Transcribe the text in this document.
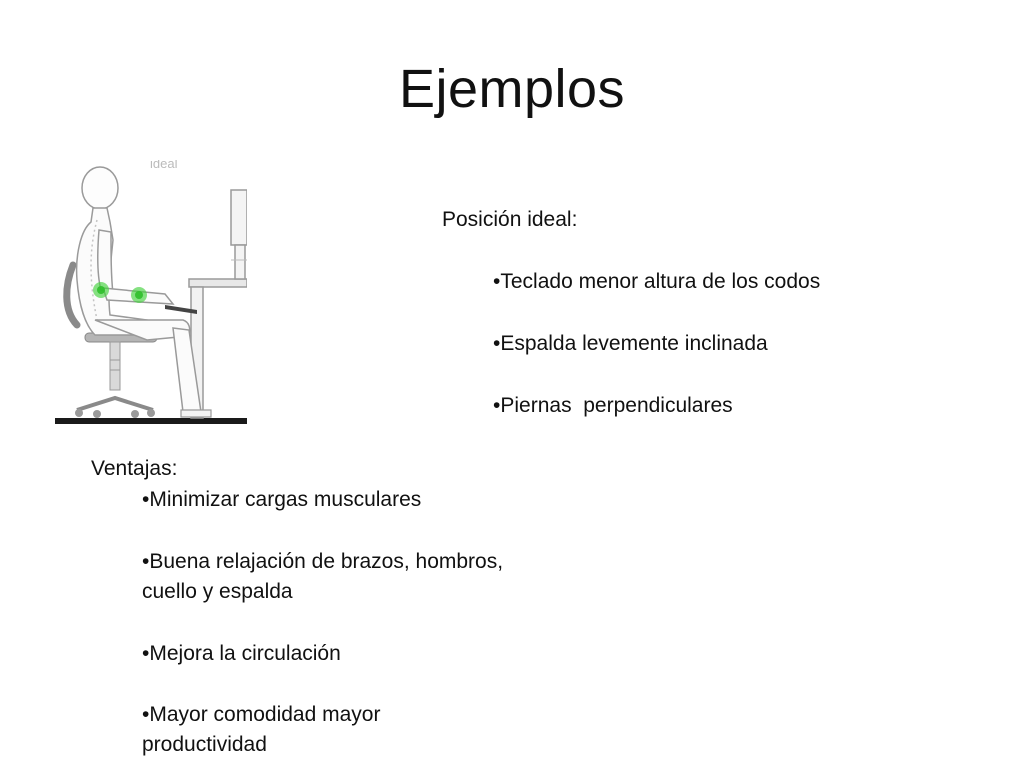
Ejemplos
ideal
Posición ideal:
•Teclado menor altura de los codos
•Espalda levemente inclinada
•Piernas  perpendiculares
Ventajas:
•Minimizar cargas musculares
•Buena relajación de brazos, hombros,
cuello y espalda
•Mejora la circulación
•Mayor comodidad mayor
productividad
